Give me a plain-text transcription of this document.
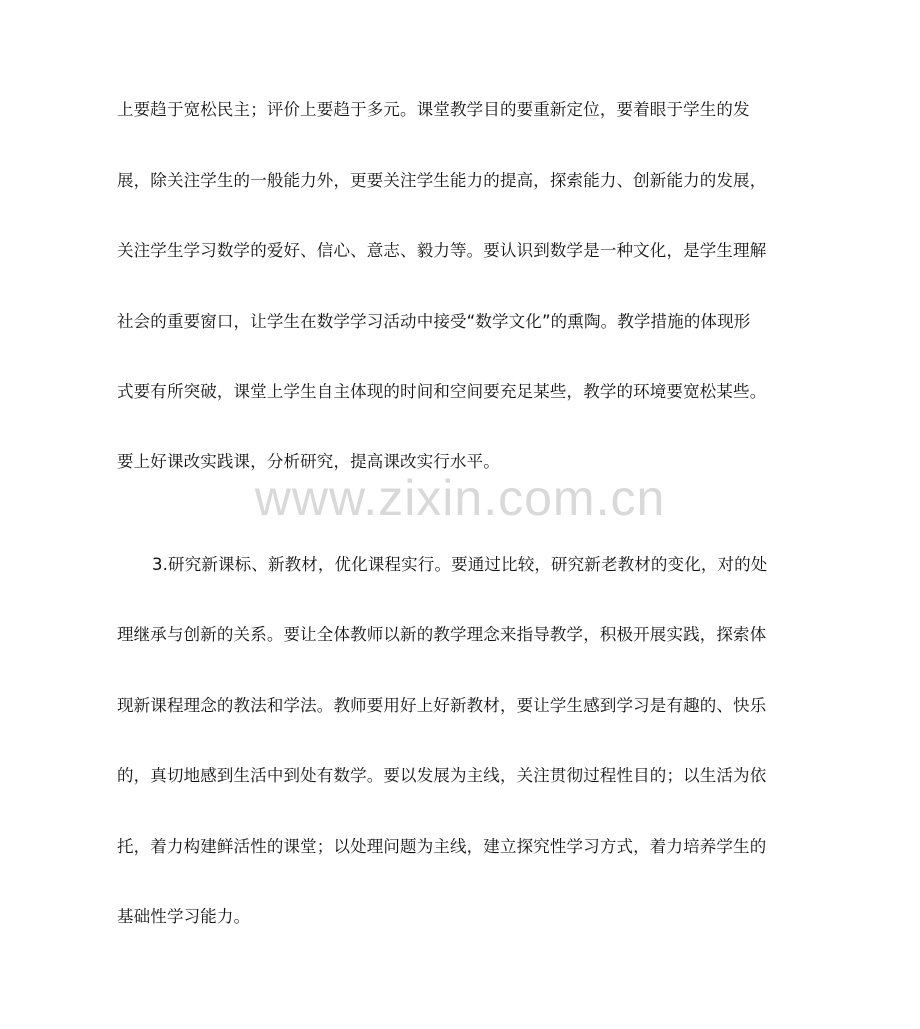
上要趋于宽松民主；评价上要趋于多元。课堂教学目的要重新定位，要着眼于学生的发
展，除关注学生的一般能力外，更要关注学生能力的提高，探索能力、创新能力的发展，
关注学生学习数学的爱好、信心、意志、毅力等。要认识到数学是一种文化，是学生理解
社会的重要窗口，让学生在数学学习活动中接受“数学文化”的熏陶。教学措施的体现形
式要有所突破，课堂上学生自主体现的时间和空间要充足某些，教学的环境要宽松某些。
要上好课改实践课，分析研究，提高课改实行水平。
www.zixin.com.cn
3.研究新课标、新教材，优化课程实行。要通过比较，研究新老教材的变化，对的处
理继承与创新的关系。要让全体教师以新的教学理念来指导教学，积极开展实践，探索体
现新课程理念的教法和学法。教师要用好上好新教材，要让学生感到学习是有趣的、快乐
的，真切地感到生活中到处有数学。要以发展为主线，关注贯彻过程性目的；以生活为依
托，着力构建鲜活性的课堂；以处理问题为主线，建立探究性学习方式，着力培养学生的
基础性学习能力。
